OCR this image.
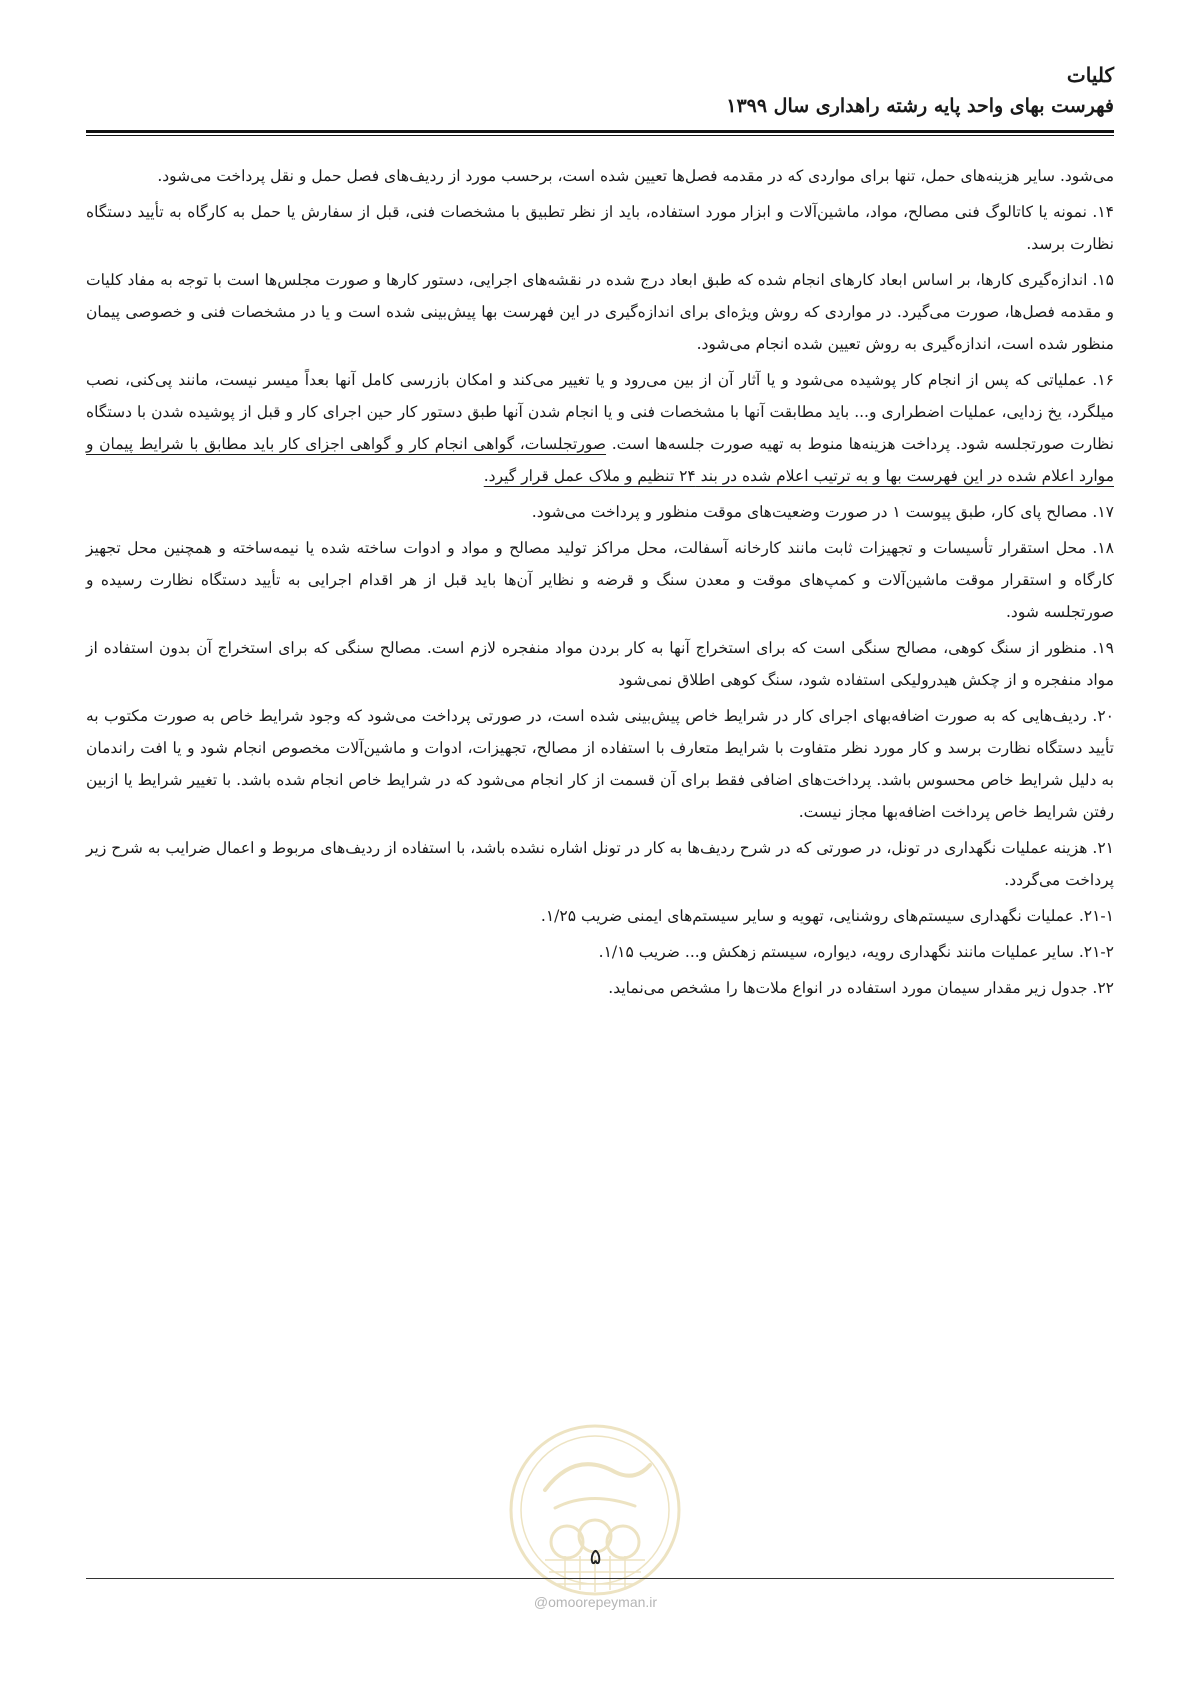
کلیات
فهرست بهای واحد پایه رشته راهداری سال ۱۳۹۹

می‌شود. سایر هزینه‌های حمل، تنها برای مواردی که در مقدمه فصل‌ها تعیین شده است، برحسب مورد از ردیف‌های فصل حمل و نقل پرداخت می‌شود.

۱۴. نمونه یا کاتالوگ فنی مصالح، مواد، ماشین‌آلات و ابزار مورد استفاده، باید از نظر تطبیق با مشخصات فنی، قبل از سفارش یا حمل به کارگاه به تأیید دستگاه نظارت برسد.

۱۵. اندازه‌گیری کارها، بر اساس ابعاد کارهای انجام شده که طبق ابعاد درج شده در نقشه‌های اجرایی، دستور کارها و صورت مجلس‌ها است با توجه به مفاد کلیات و مقدمه فصل‌ها، صورت می‌گیرد. در مواردی که روش ویژه‌ای برای اندازه‌گیری در این فهرست بها پیش‌بینی شده است و یا در مشخصات فنی و خصوصی پیمان منظور شده است، اندازه‌گیری به روش تعیین شده انجام می‌شود.

۱۶. عملیاتی که پس از انجام کار پوشیده می‌شود و یا آثار آن از بین می‌رود و یا تغییر می‌کند و امکان بازرسی کامل آنها بعداً میسر نیست، مانند پی‌کنی، نصب میلگرد، یخ زدایی، عملیات اضطراری و... باید مطابقت آنها با مشخصات فنی و یا انجام شدن آنها طبق دستور کار حین اجرای کار و قبل از پوشیده شدن با دستگاه نظارت صورتجلسه شود. پرداخت هزینه‌ها منوط به تهیه صورت جلسه‌ها است. صورتجلسات، گواهی انجام کار و گواهی اجزای کار باید مطابق با شرایط پیمان و موارد اعلام شده در این فهرست بها و به ترتیب اعلام شده در بند ۲۴ تنظیم و ملاک عمل قرار گیرد.

۱۷. مصالح پای کار، طبق پیوست ۱ در صورت وضعیت‌های موقت منظور و پرداخت می‌شود.

۱۸. محل استقرار تأسیسات و تجهیزات ثابت مانند کارخانه آسفالت، محل مراکز تولید مصالح و مواد و ادوات ساخته شده یا نیمه‌ساخته و همچنین محل تجهیز کارگاه و استقرار موقت ماشین‌آلات و کمپ‌های موقت و معدن سنگ و قرضه و نظایر آن‌ها باید قبل از هر اقدام اجرایی به تأیید دستگاه نظارت رسیده و صورتجلسه شود.

۱۹. منظور از سنگ کوهی، مصالح سنگی است که برای استخراج آنها به کار بردن مواد منفجره لازم است. مصالح سنگی که برای استخراج آن بدون استفاده از مواد منفجره و از چکش هیدرولیکی استفاده شود، سنگ کوهی اطلاق نمی‌شود

۲۰. ردیف‌هایی که به صورت اضافه‌بهای اجرای کار در شرایط خاص پیش‌بینی شده است، در صورتی پرداخت می‌شود که وجود شرایط خاص به صورت مکتوب به تأیید دستگاه نظارت برسد و کار مورد نظر متفاوت با شرایط متعارف با استفاده از مصالح، تجهیزات، ادوات و ماشین‌آلات مخصوص انجام شود و یا افت راندمان به دلیل شرایط خاص محسوس باشد. پرداخت‌های اضافی فقط برای آن قسمت از کار انجام می‌شود که در شرایط خاص انجام شده باشد. با تغییر شرایط یا ازبین رفتن شرایط خاص پرداخت اضافه‌بها مجاز نیست.

۲۱. هزینه عملیات نگهداری در تونل، در صورتی که در شرح ردیف‌ها به کار در تونل اشاره نشده باشد، با استفاده از ردیف‌های مربوط و اعمال ضرایب به شرح زیر پرداخت می‌گردد.

۲۱-۱. عملیات نگهداری سیستم‌های روشنایی، تهویه و سایر سیستم‌های ایمنی ضریب ۱/۲۵.

۲۱-۲. سایر عملیات مانند نگهداری رویه، دیواره، سیستم زهکش و... ضریب ۱/۱۵.

۲۲. جدول زیر مقدار سیمان مورد استفاده در انواع ملات‌ها را مشخص می‌نماید.

۵
@omoorepeyman.ir
